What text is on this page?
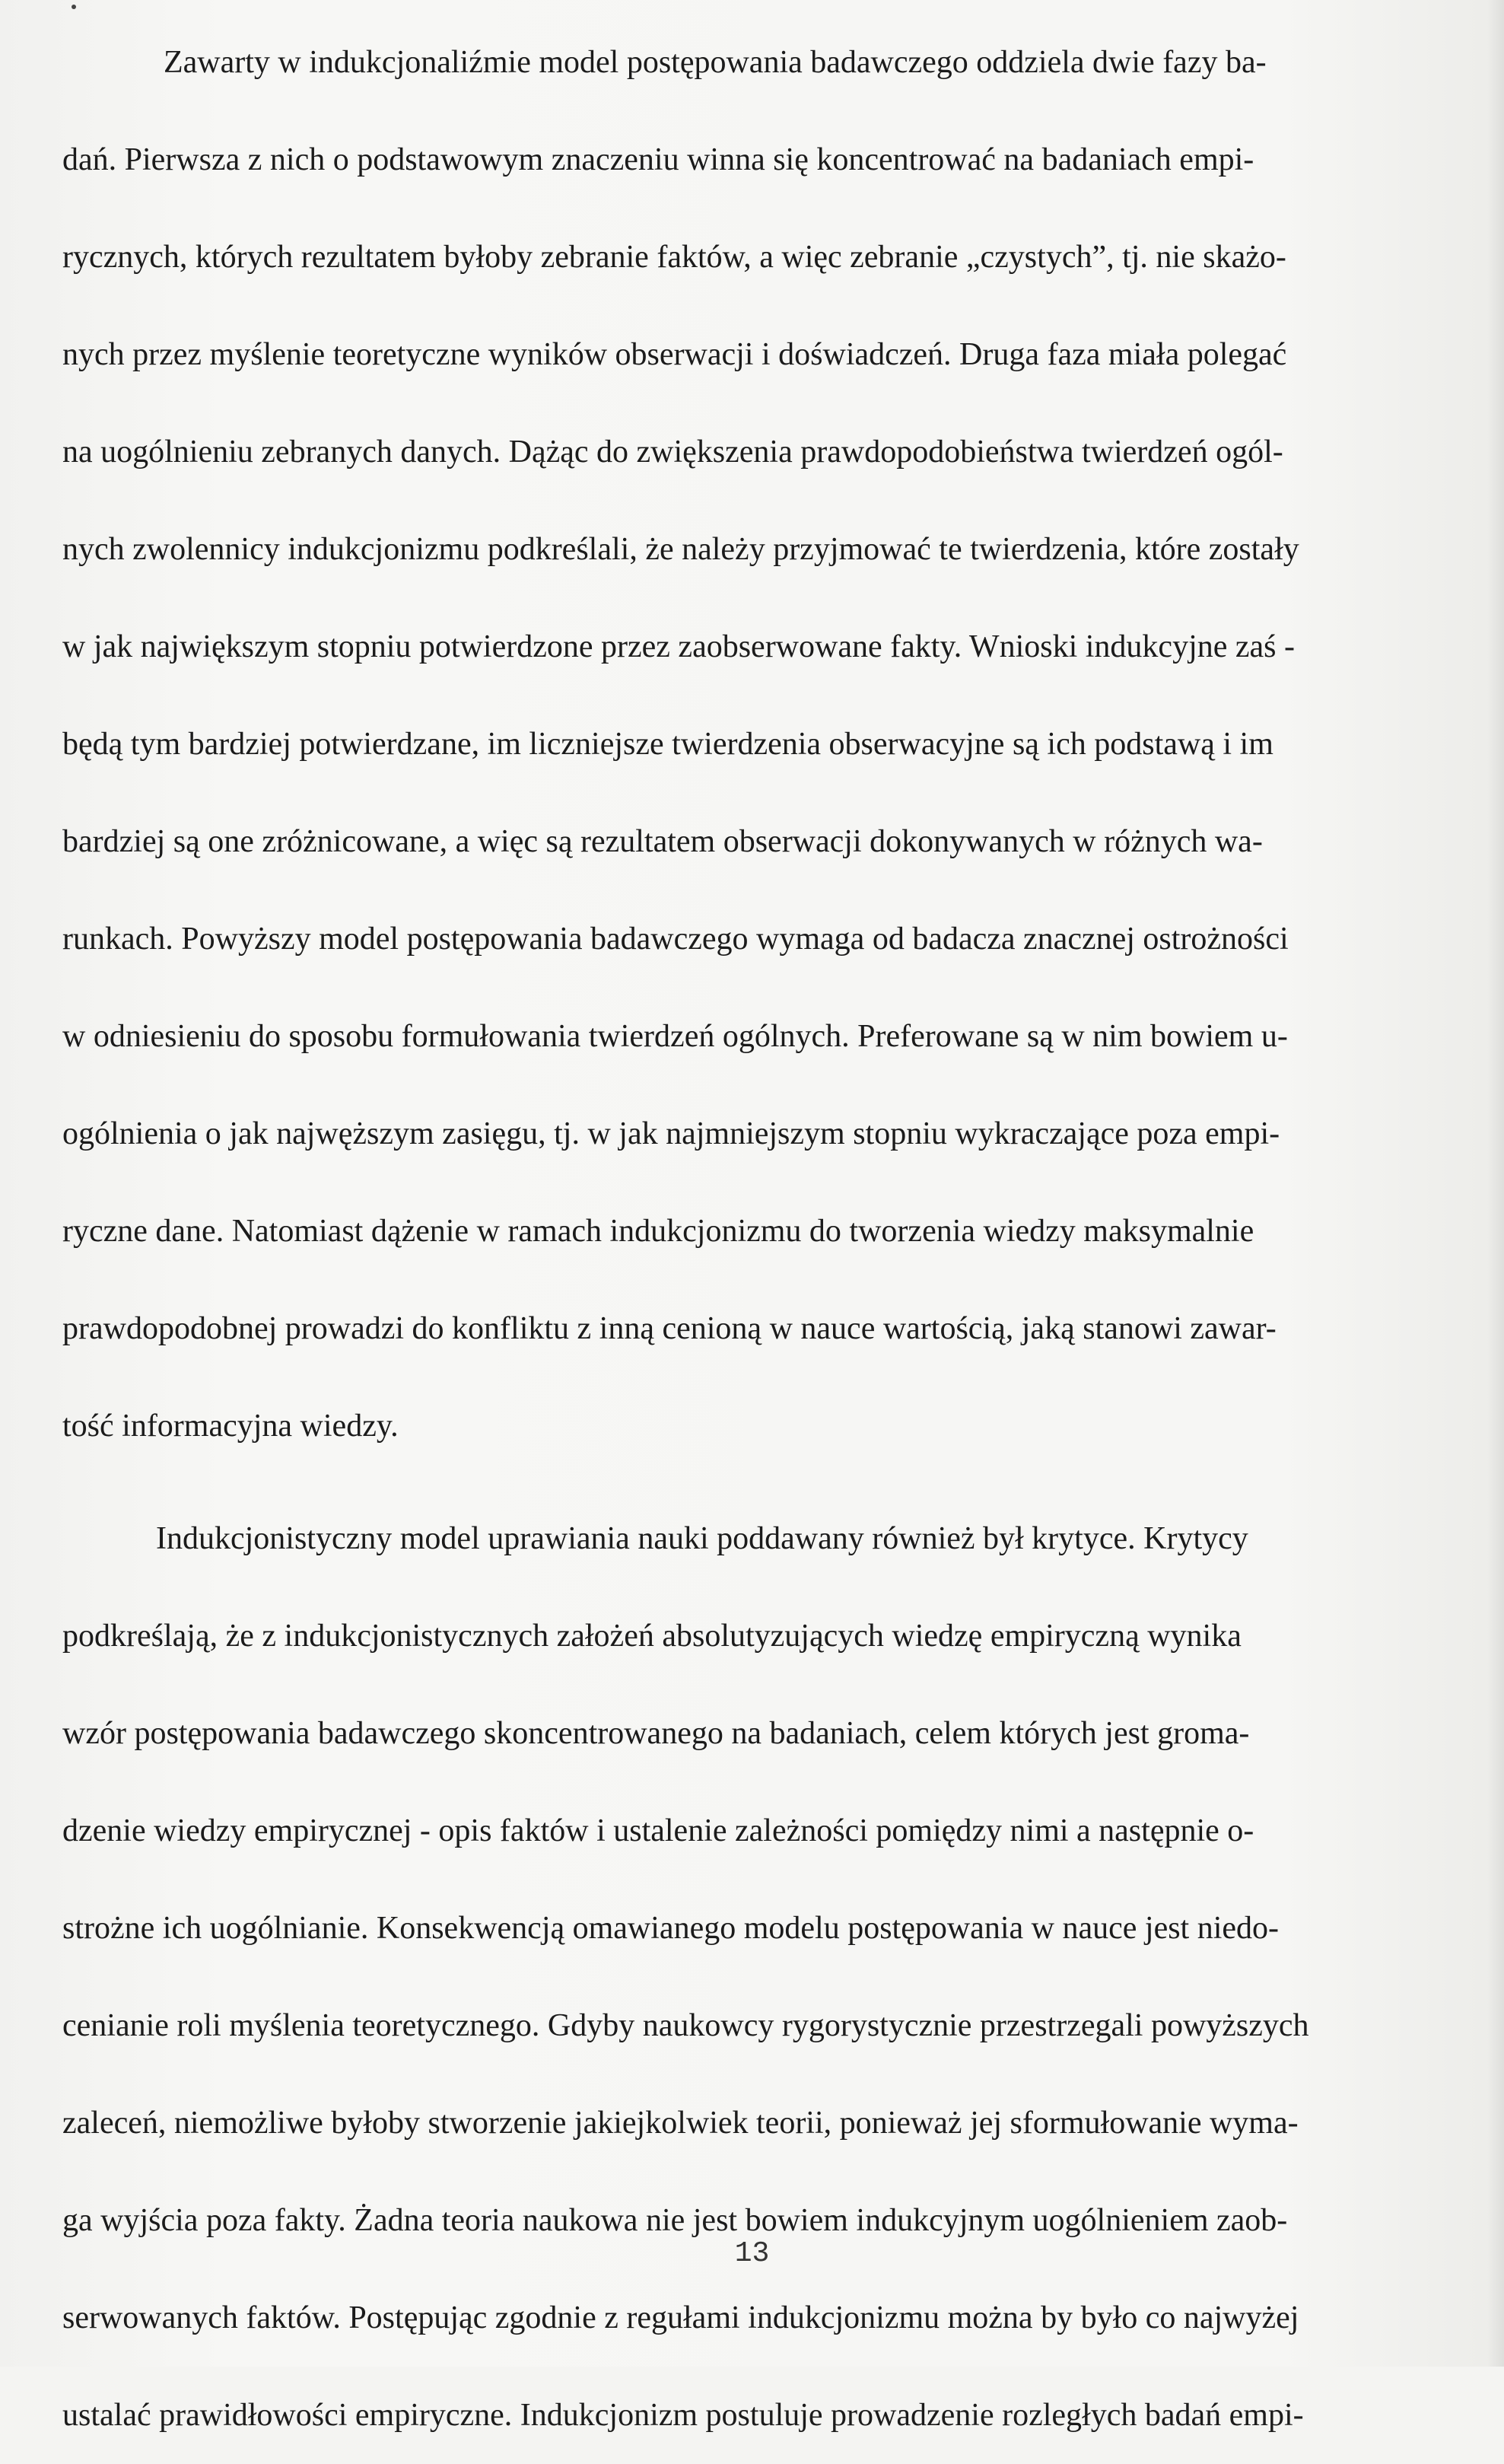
Zawarty w indukcjonaliźmie model postępowania badawczego oddziela dwie fazy ba-
dań. Pierwsza z nich o podstawowym znaczeniu winna się koncentrować na badaniach empi-
rycznych, których rezultatem byłoby zebranie faktów, a więc zebranie „czystych”, tj. nie skażo-
nych przez myślenie teoretyczne wyników obserwacji i doświadczeń. Druga faza miała polegać
na uogólnieniu zebranych danych. Dążąc do zwiększenia prawdopodobieństwa twierdzeń ogól-
nych zwolennicy indukcjonizmu podkreślali, że należy przyjmować te twierdzenia, które zostały
w jak największym stopniu potwierdzone przez zaobserwowane fakty. Wnioski indukcyjne zaś -
będą tym bardziej potwierdzane, im liczniejsze twierdzenia obserwacyjne są ich podstawą i im
bardziej są one zróżnicowane, a więc są rezultatem obserwacji dokonywanych w różnych wa-
runkach. Powyższy model postępowania badawczego wymaga od badacza znacznej ostrożności
w odniesieniu do sposobu formułowania twierdzeń ogólnych. Preferowane są w nim bowiem u-
ogólnienia o jak najwęższym zasięgu, tj. w jak najmniejszym stopniu wykraczające poza empi-
ryczne dane. Natomiast dążenie w ramach indukcjonizmu do tworzenia wiedzy maksymalnie
prawdopodobnej prowadzi do konfliktu z inną cenioną w nauce wartością, jaką stanowi zawar-
tość informacyjna wiedzy.
Indukcjonistyczny model uprawiania nauki poddawany również był krytyce. Krytycy
podkreślają, że z indukcjonistycznych założeń absolutyzujących wiedzę empiryczną wynika
wzór postępowania badawczego skoncentrowanego na badaniach, celem których jest groma-
dzenie wiedzy empirycznej - opis faktów i ustalenie zależności pomiędzy nimi a następnie o-
strożne ich uogólnianie. Konsekwencją omawianego modelu postępowania w nauce jest niedo-
cenianie roli myślenia teoretycznego. Gdyby naukowcy rygorystycznie przestrzegali powyższych
zaleceń, niemożliwe byłoby stworzenie jakiejkolwiek teorii, ponieważ jej sformułowanie wyma-
ga wyjścia poza fakty. Żadna teoria naukowa nie jest bowiem indukcyjnym uogólnieniem zaob-
serwowanych faktów. Postępując zgodnie z regułami indukcjonizmu można by było co najwyżej
ustalać prawidłowości empiryczne. Indukcjonizm postuluje prowadzenie rozległych badań empi-
13
